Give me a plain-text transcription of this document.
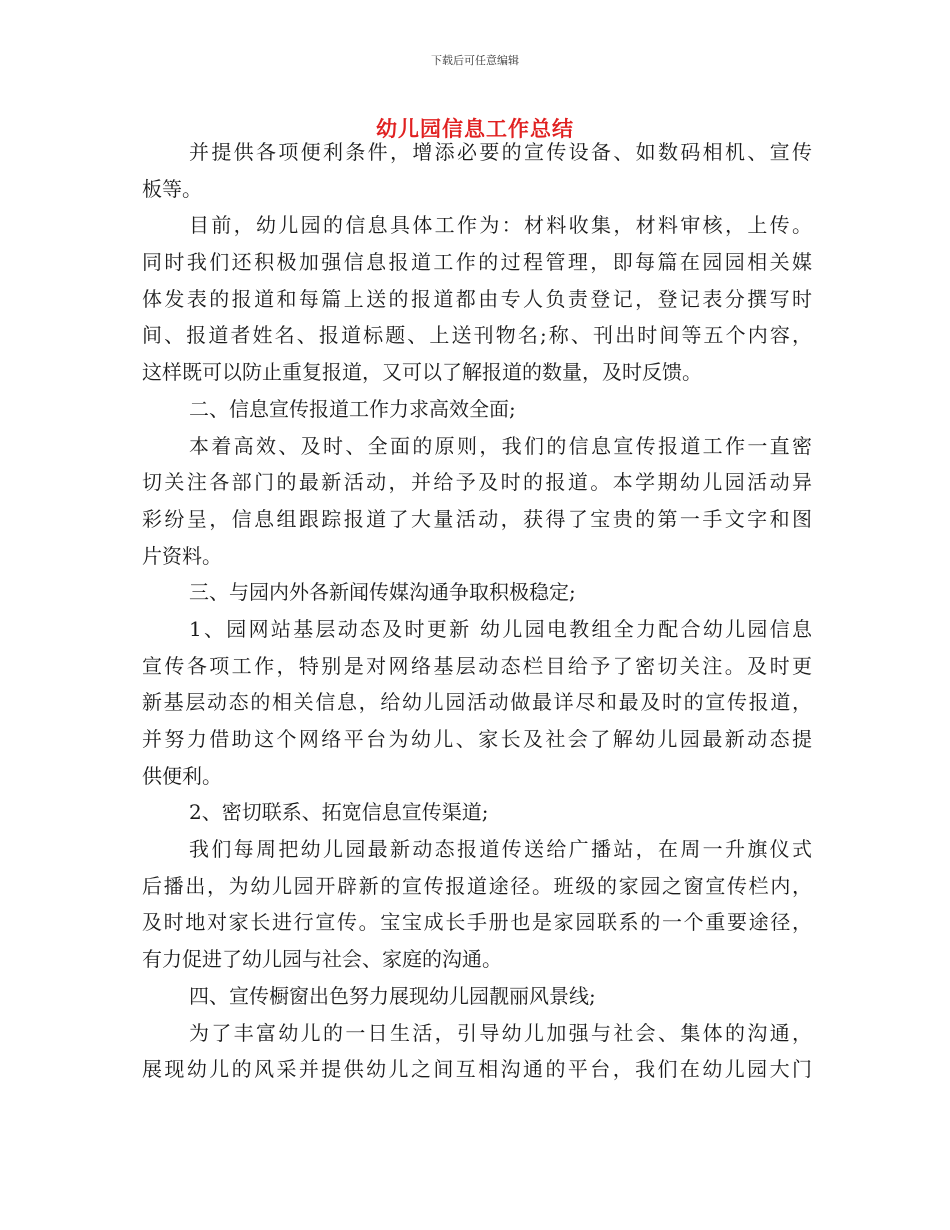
下载后可任意编辑
幼儿园信息工作总结
并提供各项便利条件，增添必要的宣传设备、如数码相机、宣传
板等。
目前，幼儿园的信息具体工作为：材料收集，材料审核，上传。
同时我们还积极加强信息报道工作的过程管理，即每篇在园园相关媒
体发表的报道和每篇上送的报道都由专人负责登记，登记表分撰写时
间、报道者姓名、报道标题、上送刊物名;称、刊出时间等五个内容，
这样既可以防止重复报道，又可以了解报道的数量，及时反馈。
二、信息宣传报道工作力求高效全面;
本着高效、及时、全面的原则，我们的信息宣传报道工作一直密
切关注各部门的最新活动，并给予及时的报道。本学期幼儿园活动异
彩纷呈，信息组跟踪报道了大量活动，获得了宝贵的第一手文字和图
片资料。
三、与园内外各新闻传媒沟通争取积极稳定;
1、园网站基层动态及时更新 幼儿园电教组全力配合幼儿园信息
宣传各项工作，特别是对网络基层动态栏目给予了密切关注。及时更
新基层动态的相关信息，给幼儿园活动做最详尽和最及时的宣传报道，
并努力借助这个网络平台为幼儿、家长及社会了解幼儿园最新动态提
供便利。
2、密切联系、拓宽信息宣传渠道;
我们每周把幼儿园最新动态报道传送给广播站，在周一升旗仪式
后播出，为幼儿园开辟新的宣传报道途径。班级的家园之窗宣传栏内，
及时地对家长进行宣传。宝宝成长手册也是家园联系的一个重要途径，
有力促进了幼儿园与社会、家庭的沟通。
四、宣传橱窗出色努力展现幼儿园靓丽风景线;
为了丰富幼儿的一日生活，引导幼儿加强与社会、集体的沟通，
展现幼儿的风采并提供幼儿之间互相沟通的平台，我们在幼儿园大门
